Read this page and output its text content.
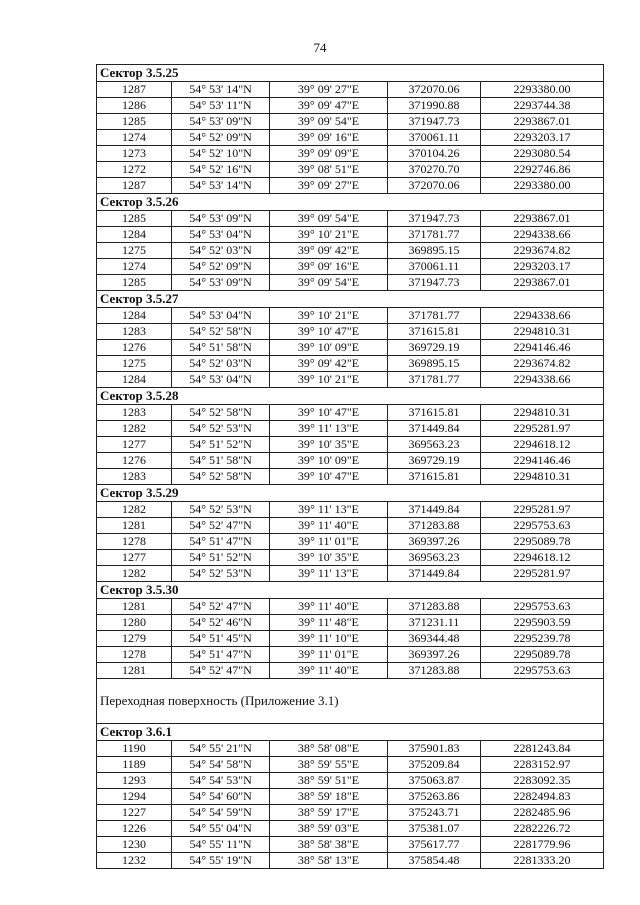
74
Сектор 3.5.25
1287	54° 53' 14"N	39° 09' 27"E	372070.06	2293380.00
1286	54° 53' 11"N	39° 09' 47"E	371990.88	2293744.38
1285	54° 53' 09"N	39° 09' 54"E	371947.73	2293867.01
1274	54° 52' 09"N	39° 09' 16"E	370061.11	2293203.17
1273	54° 52' 10"N	39° 09' 09"E	370104.26	2293080.54
1272	54° 52' 16"N	39° 08' 51"E	370270.70	2292746.86
1287	54° 53' 14"N	39° 09' 27"E	372070.06	2293380.00
Сектор 3.5.26
1285	54° 53' 09"N	39° 09' 54"E	371947.73	2293867.01
1284	54° 53' 04"N	39° 10' 21"E	371781.77	2294338.66
1275	54° 52' 03"N	39° 09' 42"E	369895.15	2293674.82
1274	54° 52' 09"N	39° 09' 16"E	370061.11	2293203.17
1285	54° 53' 09"N	39° 09' 54"E	371947.73	2293867.01
Сектор 3.5.27
1284	54° 53' 04"N	39° 10' 21"E	371781.77	2294338.66
1283	54° 52' 58"N	39° 10' 47"E	371615.81	2294810.31
1276	54° 51' 58"N	39° 10' 09"E	369729.19	2294146.46
1275	54° 52' 03"N	39° 09' 42"E	369895.15	2293674.82
1284	54° 53' 04"N	39° 10' 21"E	371781.77	2294338.66
Сектор 3.5.28
1283	54° 52' 58"N	39° 10' 47"E	371615.81	2294810.31
1282	54° 52' 53"N	39° 11' 13"E	371449.84	2295281.97
1277	54° 51' 52"N	39° 10' 35"E	369563.23	2294618.12
1276	54° 51' 58"N	39° 10' 09"E	369729.19	2294146.46
1283	54° 52' 58"N	39° 10' 47"E	371615.81	2294810.31
Сектор 3.5.29
1282	54° 52' 53"N	39° 11' 13"E	371449.84	2295281.97
1281	54° 52' 47"N	39° 11' 40"E	371283.88	2295753.63
1278	54° 51' 47"N	39° 11' 01"E	369397.26	2295089.78
1277	54° 51' 52"N	39° 10' 35"E	369563.23	2294618.12
1282	54° 52' 53"N	39° 11' 13"E	371449.84	2295281.97
Сектор 3.5.30
1281	54° 52' 47"N	39° 11' 40"E	371283.88	2295753.63
1280	54° 52' 46"N	39° 11' 48"E	371231.11	2295903.59
1279	54° 51' 45"N	39° 11' 10"E	369344.48	2295239.78
1278	54° 51' 47"N	39° 11' 01"E	369397.26	2295089.78
1281	54° 52' 47"N	39° 11' 40"E	371283.88	2295753.63
Переходная поверхность (Приложение 3.1)
Сектор 3.6.1
1190	54° 55' 21"N	38° 58' 08"E	375901.83	2281243.84
1189	54° 54' 58"N	38° 59' 55"E	375209.84	2283152.97
1293	54° 54' 53"N	38° 59' 51"E	375063.87	2283092.35
1294	54° 54' 60"N	38° 59' 18"E	375263.86	2282494.83
1227	54° 54' 59"N	38° 59' 17"E	375243.71	2282485.96
1226	54° 55' 04"N	38° 59' 03"E	375381.07	2282226.72
1230	54° 55' 11"N	38° 58' 38"E	375617.77	2281779.96
1232	54° 55' 19"N	38° 58' 13"E	375854.48	2281333.20
